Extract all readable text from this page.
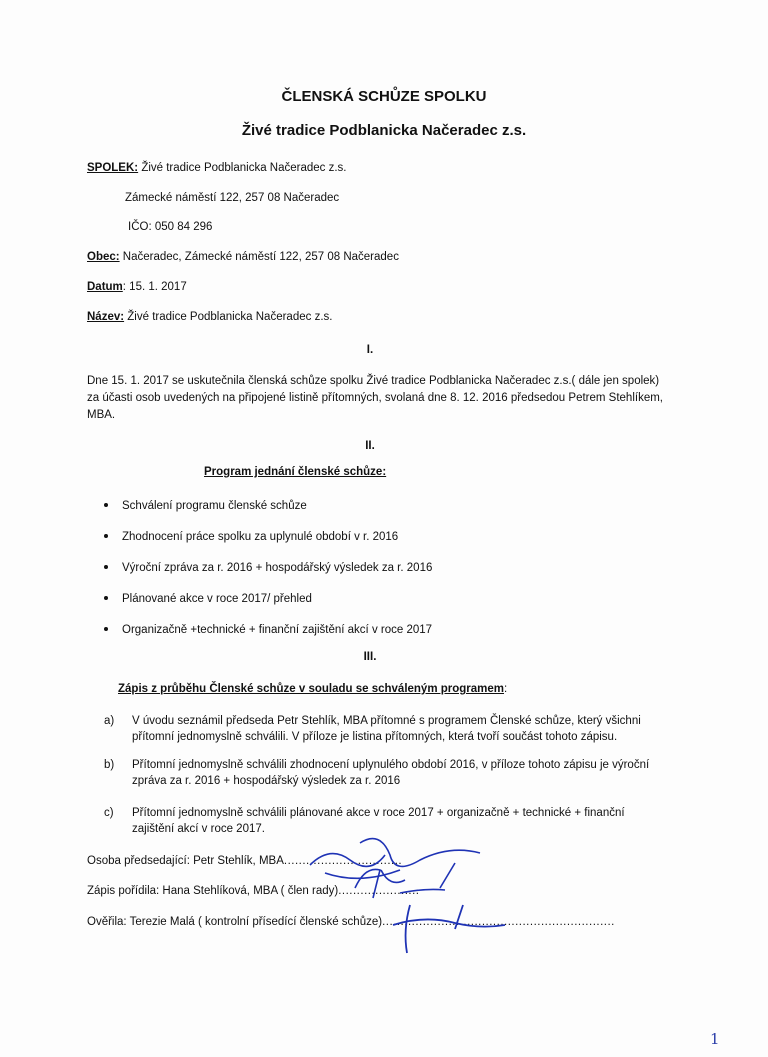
ČLENSKÁ SCHŮZE SPOLKU
Živé tradice Podblanicka Načeradec z.s.
SPOLEK: Živé tradice Podblanicka Načeradec z.s.
Zámecké náměstí 122, 257 08 Načeradec
IČO: 050 84 296
Obec: Načeradec, Zámecké náměstí 122, 257 08 Načeradec
Datum: 15. 1. 2017
Název: Živé tradice Podblanicka Načeradec z.s.
I.
Dne 15. 1. 2017 se uskutečnila členská schůze spolku Živé tradice Podblanicka Načeradec z.s.( dále jen spolek) za účasti osob uvedených na připojené listině přítomných, svolaná dne 8. 12. 2016 předsedou Petrem Stehlíkem, MBA.
II.
Program jednání členské schůze:
Schválení programu členské schůze
Zhodnocení práce spolku za uplynulé období v r. 2016
Výroční zpráva za r. 2016 + hospodářský výsledek za r. 2016
Plánované akce v roce 2017/ přehled
Organizačně +technické + finanční zajištění akcí v roce 2017
III.
Zápis z průběhu Členské schůze v souladu se schváleným programem:
a) V úvodu seznámil předseda Petr Stehlík, MBA přítomné s programem Členské schůze, který všichni přítomní jednomyslně schválili. V příloze je listina přítomných, která tvoří součást tohoto zápisu.
b) Přítomní jednomyslně schválili zhodnocení uplynulého období 2016, v příloze tohoto zápisu je výroční zpráva za r. 2016 + hospodářský výsledek za r. 2016
c) Přítomní jednomyslně schválili plánované akce v roce 2017 + organizačně + technické + finanční zajištění akcí v roce 2017.
Osoba předsedající: Petr Stehlík, MBA................................
Zápis pořídila: Hana Stehlíková, MBA ( člen rady)......................
Ověřila: Terezie Malá ( kontrolní přísedící členské schůze)...............................................................
1
